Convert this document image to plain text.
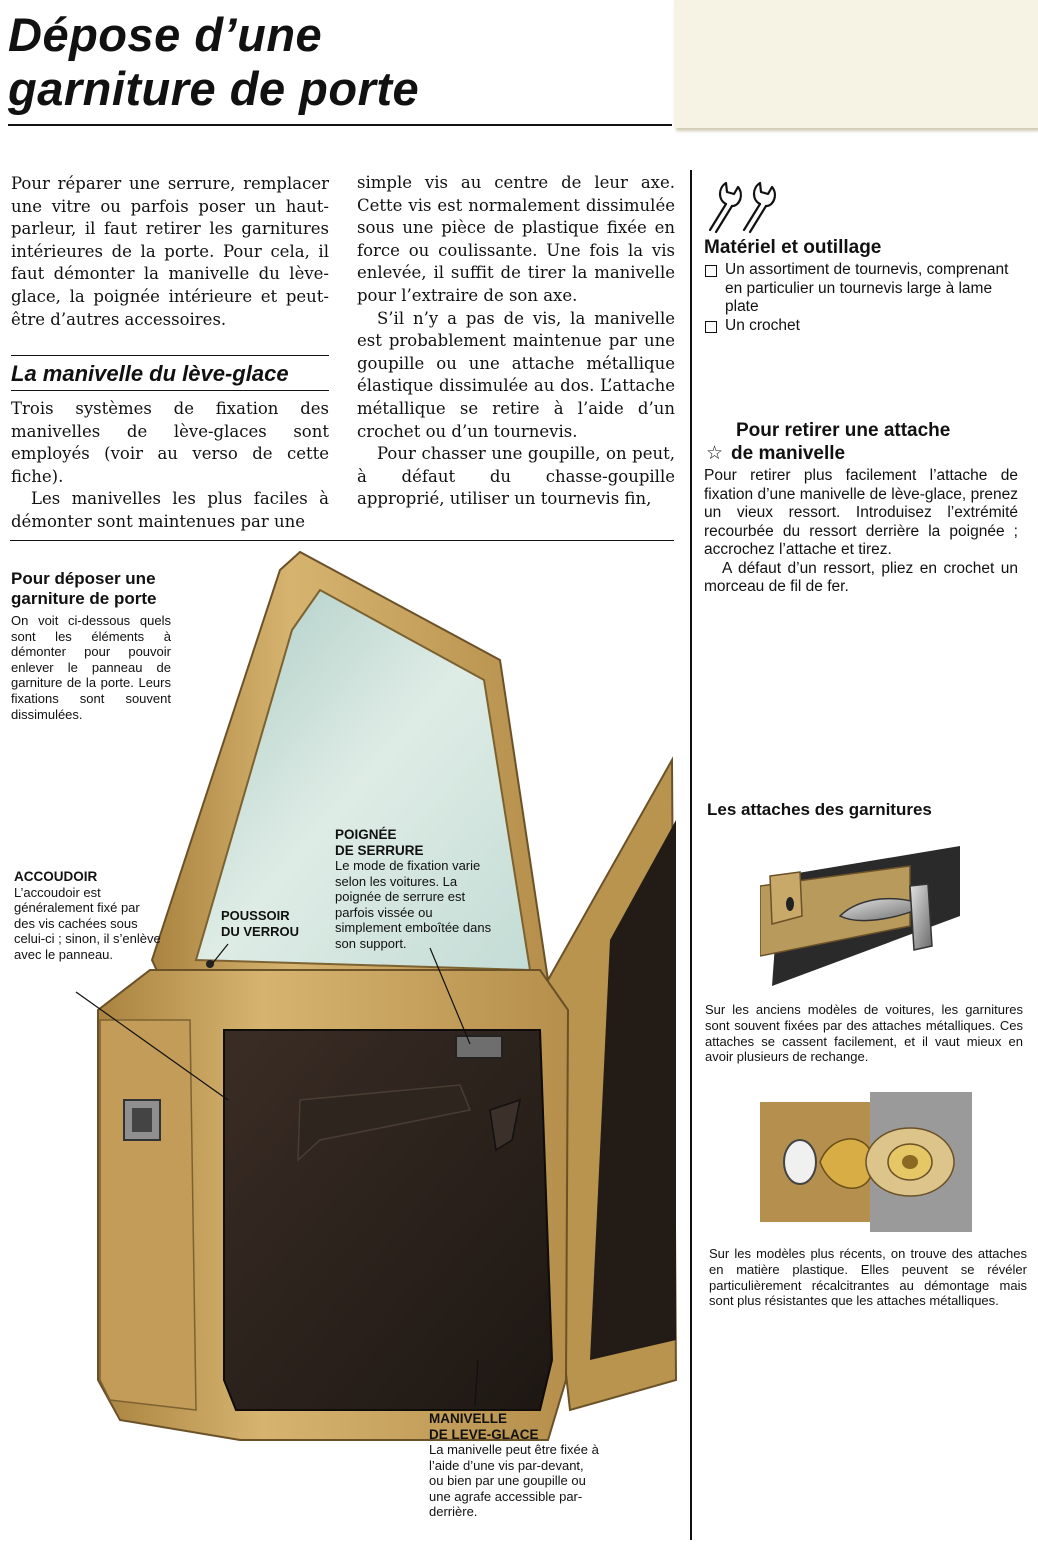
Dépose d’une
garniture de porte

Pour réparer une serrure, remplacer une vitre ou parfois poser un haut-parleur, il faut retirer les garnitures intérieures de la porte. Pour cela, il faut démonter la manivelle du lève-glace, la poignée intérieure et peut-être d’autres accessoires.

La manivelle du lève-glace

Trois systèmes de fixation des manivelles de lève-glaces sont employés (voir au verso de cette fiche).

Les manivelles les plus faciles à démonter sont maintenues par une

simple vis au centre de leur axe. Cette vis est normalement dissimulée sous une pièce de plastique fixée en force ou coulissante. Une fois la vis enlevée, il suffit de tirer la manivelle pour l’extraire de son axe.

S’il n’y a pas de vis, la manivelle est probablement maintenue par une goupille ou une attache métallique élastique dissimulée au dos. L’attache métallique se retire à l’aide d’un crochet ou d’un tournevis.

Pour chasser une goupille, on peut, à défaut du chasse-goupille approprié, utiliser un tournevis fin,

Matériel et outillage
Un assortiment de tournevis, comprenant en particulier un tournevis large à lame plate
Un crochet
Pour retirer une attache
☆ de manivelle

Pour retirer plus facilement l’attache de fixation d’une manivelle de lève-glace, prenez un vieux ressort. Introduisez l’extrémité recourbée du ressort derrière la poignée ; accrochez l’attache et tirez.

A défaut d’un ressort, pliez en crochet un morceau de fil de fer.

Pour déposer une garniture de porte
On voit ci-dessous quels sont les éléments à démonter pour pouvoir enlever le panneau de garniture de la porte. Leurs fixations sont souvent dissimulées.
ACCOUDOIR
L’accoudoir est généralement fixé par des vis cachées sous celui-ci ; sinon, il s’enlève avec le panneau.
POUSSOIR
DU VERROU
POIGNÉE
DE SERRURE
Le mode de fixation varie selon les voitures. La poignée de serrure est parfois vissée ou simplement emboîtée dans son support.
MANIVELLE
DE LEVE-GLACE
La manivelle peut être fixée à l’aide d’une vis par-devant, ou bien par une goupille ou une agrafe accessible par-derrière.
Les attaches des garnitures
Sur les anciens modèles de voitures, les garnitures sont souvent fixées par des attaches métalliques. Ces attaches se cassent facilement, et il vaut mieux en avoir plusieurs de rechange.
Sur les modèles plus récents, on trouve des attaches en matière plastique. Elles peuvent se révéler particulièrement récalcitrantes au démontage mais sont plus résistantes que les attaches métalliques.
